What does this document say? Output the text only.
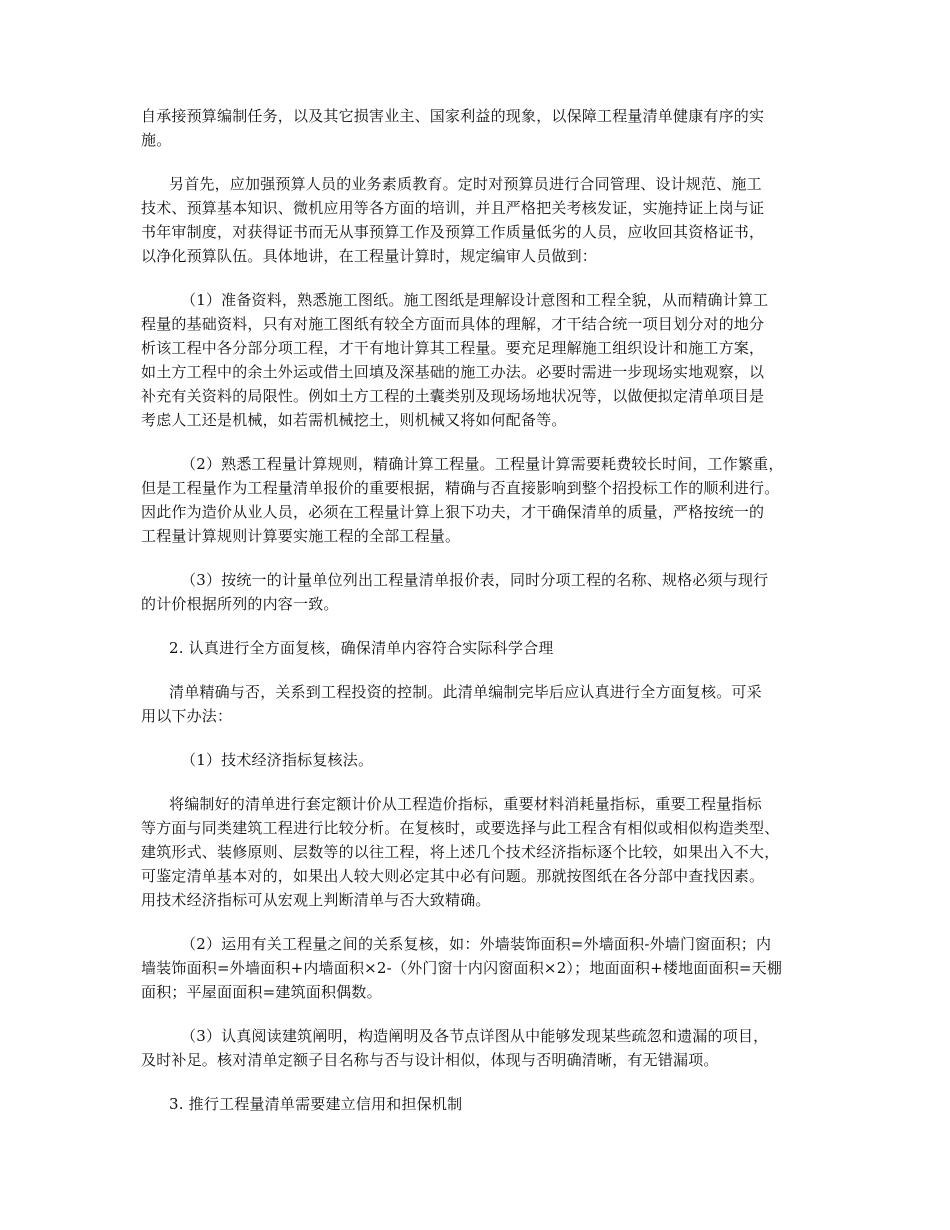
自承接预算编制任务，以及其它损害业主、国家利益的现象，以保障工程量清单健康有序的实
施。

另首先，应加强预算人员的业务素质教育。定时对预算员进行合同管理、设计规范、施工
技术、预算基本知识、微机应用等各方面的培训，并且严格把关考核发证，实施持证上岗与证
书年审制度，对获得证书而无从事预算工作及预算工作质量低劣的人员，应收回其资格证书，
以净化预算队伍。具体地讲，在工程量计算时，规定编审人员做到：

（1）准备资料，熟悉施工图纸。施工图纸是理解设计意图和工程全貌，从而精确计算工
程量的基础资料，只有对施工图纸有较全方面而具体的理解，才干结合统一项目划分对的地分
析该工程中各分部分项工程，才干有地计算其工程量。要充足理解施工组织设计和施工方案，
如土方工程中的余土外运或借土回填及深基础的施工办法。必要时需进一步现场实地观察，以
补充有关资料的局限性。例如土方工程的土囊类别及现场场地状况等，以做便拟定清单项目是
考虑人工还是机械，如若需机械挖土，则机械又将如何配备等。

（2）熟悉工程量计算规则，精确计算工程量。工程量计算需要耗费较长时间，工作繁重，
但是工程量作为工程量清单报价的重要根据，精确与否直接影响到整个招投标工作的顺利进行。
因此作为造价从业人员，必须在工程量计算上狠下功夫，才干确保清单的质量，严格按统一的
工程量计算规则计算要实施工程的全部工程量。

（3）按统一的计量单位列出工程量清单报价表，同时分项工程的名称、规格必须与现行
的计价根据所列的内容一致。

2. 认真进行全方面复核，确保清单内容符合实际科学合理

清单精确与否，关系到工程投资的控制。此清单编制完毕后应认真进行全方面复核。可采
用以下办法：

（1）技术经济指标复核法。

将编制好的清单进行套定额计价从工程造价指标，重要材料消耗量指标，重要工程量指标
等方面与同类建筑工程进行比较分析。在复核时，或要选择与此工程含有相似或相似构造类型、
建筑形式、装修原则、层数等的以往工程，将上述几个技术经济指标逐个比较，如果出入不大，
可鉴定清单基本对的，如果出人较大则必定其中必有问题。那就按图纸在各分部中查找因素。
用技术经济指标可从宏观上判断清单与否大致精确。

（2）运用有关工程量之间的关系复核，如：外墙装饰面积=外墙面积-外墙门窗面积；内
墙装饰面积=外墙面积+内墙面积×2-（外门窗十内闪窗面积×2）；地面面积+楼地面面积=天棚
面积；平屋面面积=建筑面积偶数。

（3）认真阅读建筑阐明，构造阐明及各节点详图从中能够发现某些疏忽和遗漏的项目，
及时补足。核对清单定额子目名称与否与设计相似，体现与否明确清晰，有无错漏项。

3. 推行工程量清单需要建立信用和担保机制
